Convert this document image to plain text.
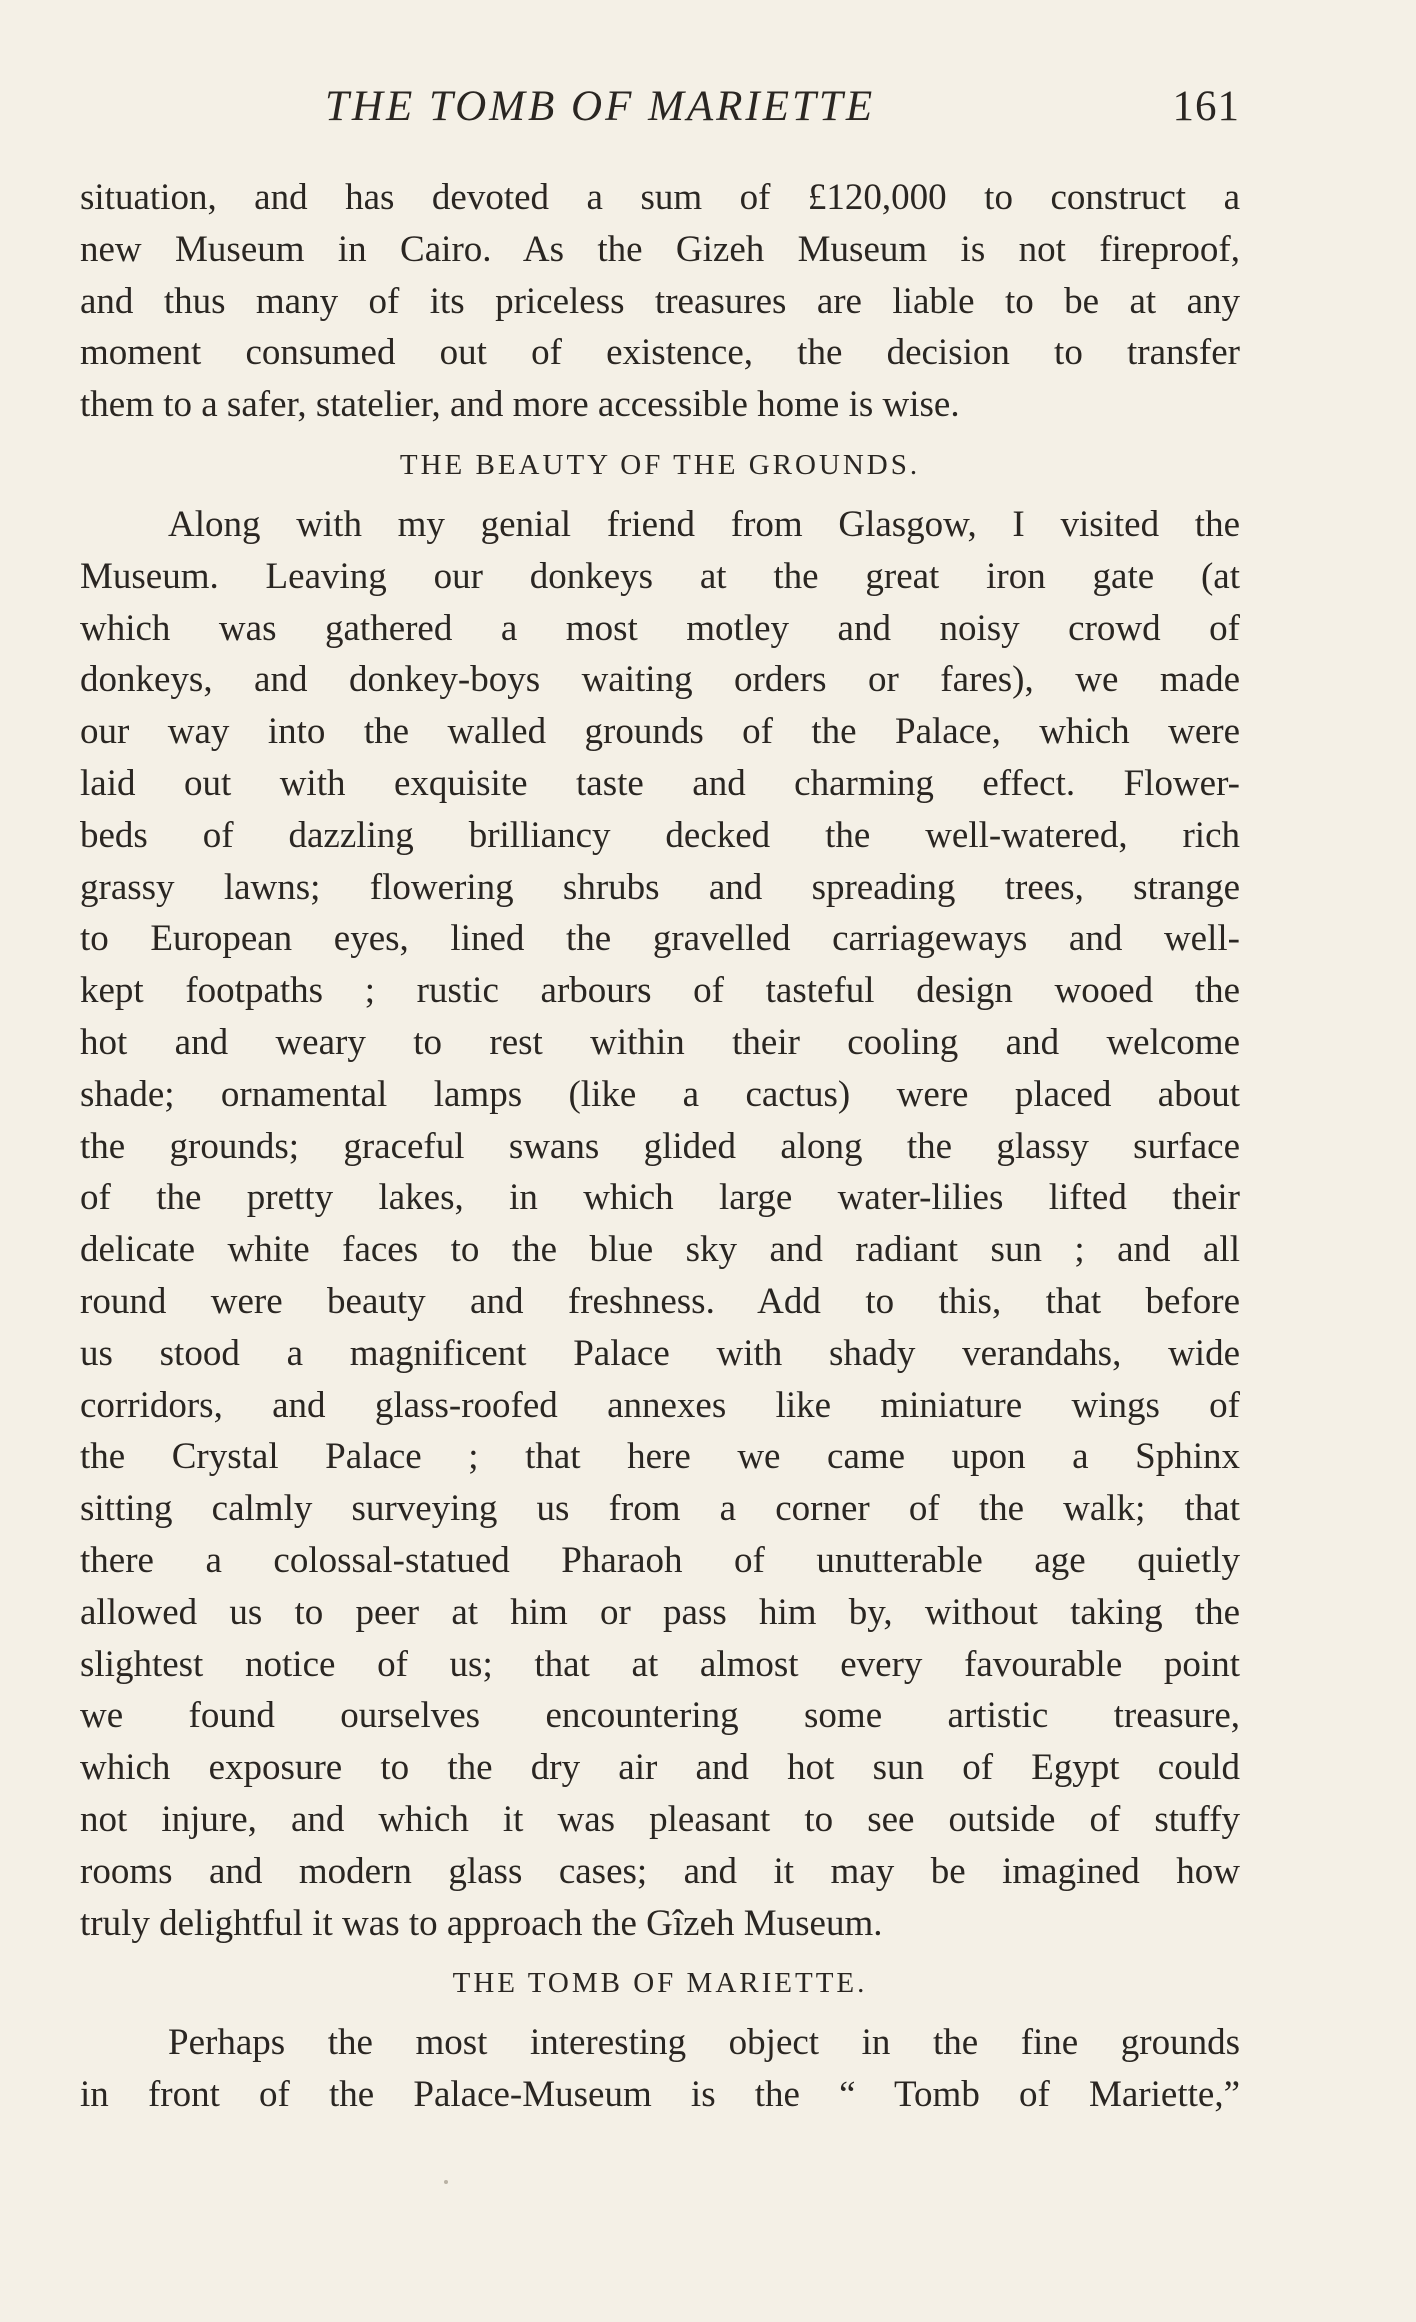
THE TOMB OF MARIETTE	161
situation, and has devoted a sum of £120,000 to construct a
new Museum in Cairo. As the Gizeh Museum is not fireproof,
and thus many of its priceless treasures are liable to be at any
moment consumed out of existence, the decision to transfer
them to a safer, statelier, and more accessible home is wise.
THE BEAUTY OF THE GROUNDS.
Along with my genial friend from Glasgow, I visited the
Museum. Leaving our donkeys at the great iron gate (at
which was gathered a most motley and noisy crowd of
donkeys, and donkey-boys waiting orders or fares), we made
our way into the walled grounds of the Palace, which were
laid out with exquisite taste and charming effect. Flower-
beds of dazzling brilliancy decked the well-watered, rich
grassy lawns; flowering shrubs and spreading trees, strange
to European eyes, lined the gravelled carriageways and well-
kept footpaths ; rustic arbours of tasteful design wooed the
hot and weary to rest within their cooling and welcome
shade; ornamental lamps (like a cactus) were placed about
the grounds; graceful swans glided along the glassy surface
of the pretty lakes, in which large water-lilies lifted their
delicate white faces to the blue sky and radiant sun ; and all
round were beauty and freshness. Add to this, that before
us stood a magnificent Palace with shady verandahs, wide
corridors, and glass-roofed annexes like miniature wings of
the Crystal Palace ; that here we came upon a Sphinx
sitting calmly surveying us from a corner of the walk; that
there a colossal-statued Pharaoh of unutterable age quietly
allowed us to peer at him or pass him by, without taking the
slightest notice of us; that at almost every favourable point
we found ourselves encountering some artistic treasure,
which exposure to the dry air and hot sun of Egypt could
not injure, and which it was pleasant to see outside of stuffy
rooms and modern glass cases; and it may be imagined how
truly delightful it was to approach the Gîzeh Museum.
THE TOMB OF MARIETTE.
Perhaps the most interesting object in the fine grounds
in front of the Palace-Museum is the “ Tomb of Mariette,”
